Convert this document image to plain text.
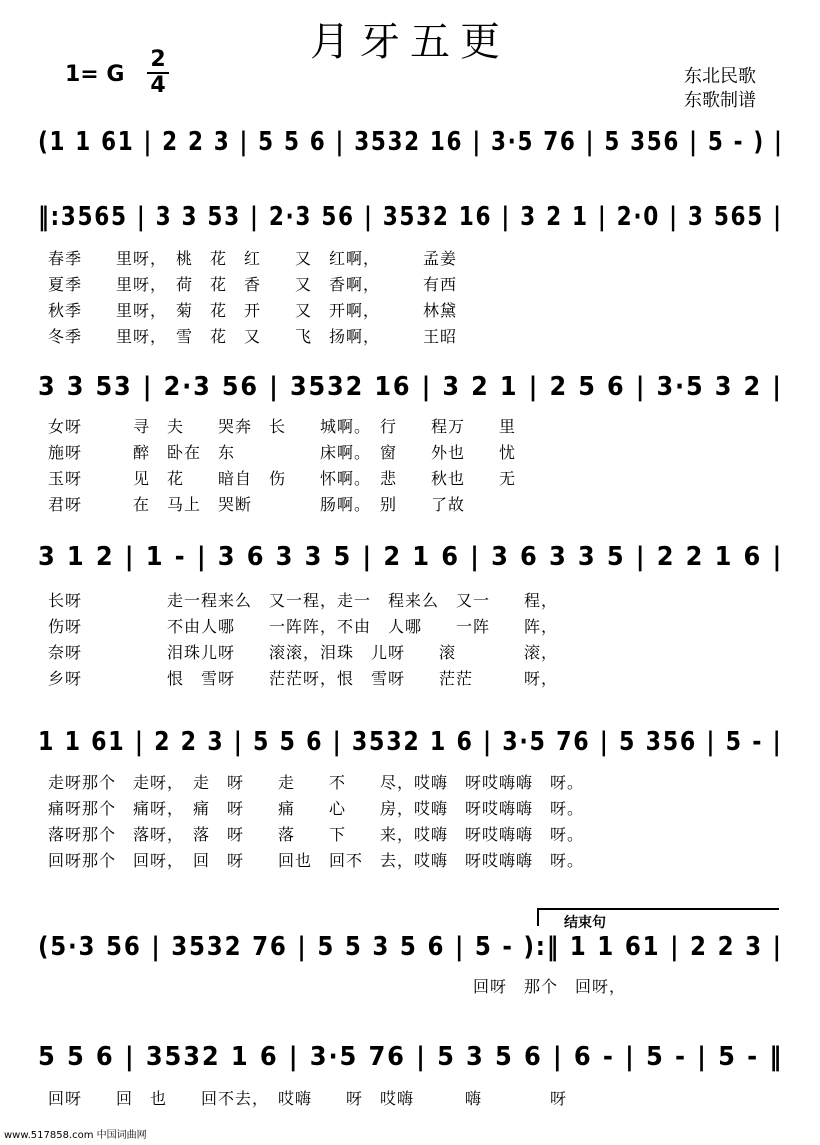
月牙五更
1= G $\frac{2}{4}$	东北民歌
东歌制谱
(1 1 61 | 2 2 3 | 5 5 6 | 3532 16 | 3·5 76 | 5 356 | 5 - ) |
‖:3565 | 3 3 53 | 2·3 56 | 3532 16 | 3 2 1 | 2·0 | 3 565 |
春季　　里呀，　桃　花　红　　又　红啊，　　　孟姜
夏季　　里呀，　荷　花　香　　又　香啊，　　　有西
秋季　　里呀，　菊　花　开　　又　开啊，　　　林黛
冬季　　里呀，　雪　花　又　　飞　扬啊，　　　王昭
3 3 53 | 2·3 56 | 3532 16 | 3 2 1 | 2 5 6 | 3·5 3 2 |
女呀　　　寻　夫　　哭奔　长　　城啊。　行　　程万　　里
施呀　　　醉　卧在　东　　　　　床啊。　窗　　外也　　忧
玉呀　　　见　花　　暗自　伤　　怀啊。　悲　　秋也　　无
君呀　　　在　马上　哭断　　　　肠啊。　别　　了故
3 1 2 | 1 - | 3 6 3 3 5 | 2 1 6 | 3 6 3 3 5 | 2 2 1 6 |
长呀　　　　　走一程来么　又一程，走一　程来么　又一　　程，
伤呀　　　　　不由人哪　　一阵阵，不由　人哪　　一阵　　阵，
奈呀　　　　　泪珠儿呀　　滚滚，泪珠　儿呀　　滚　　　　滚，
乡呀　　　　　恨　雪呀　　茫茫呀，恨　雪呀　　茫茫　　　呀，
1 1 61 | 2 2 3 | 5 5 6 | 3532 1 6 | 3·5 76 | 5 356 | 5 - |
走呀那个　走呀，　走　呀　　走　　不　　尽，哎嗨　呀哎嗨嗨　呀。
痛呀那个　痛呀，　痛　呀　　痛　　心　　房，哎嗨　呀哎嗨嗨　呀。
落呀那个　落呀，　落　呀　　落　　下　　来，哎嗨　呀哎嗨嗨　呀。
回呀那个　回呀，　回　呀　　回也　回不　去，哎嗨　呀哎嗨嗨　呀。
结束句
(5·3 56 | 3532 76 | 5 5 3 5 6 | 5 - ):‖ 1 1 61 | 2 2 3 |
　　　　　　　　　　　　　　　　　　　　　　　　　回呀　那个　回呀，
5 5 6 | 3532 1 6 | 3·5 76 | 5 3 5 6 | 6 - | 5 - | 5 - ‖
回呀　　回　也　　回不去，　哎嗨　　呀　哎嗨　　　嗨　　　　呀
www.517858.com 中国词曲网
